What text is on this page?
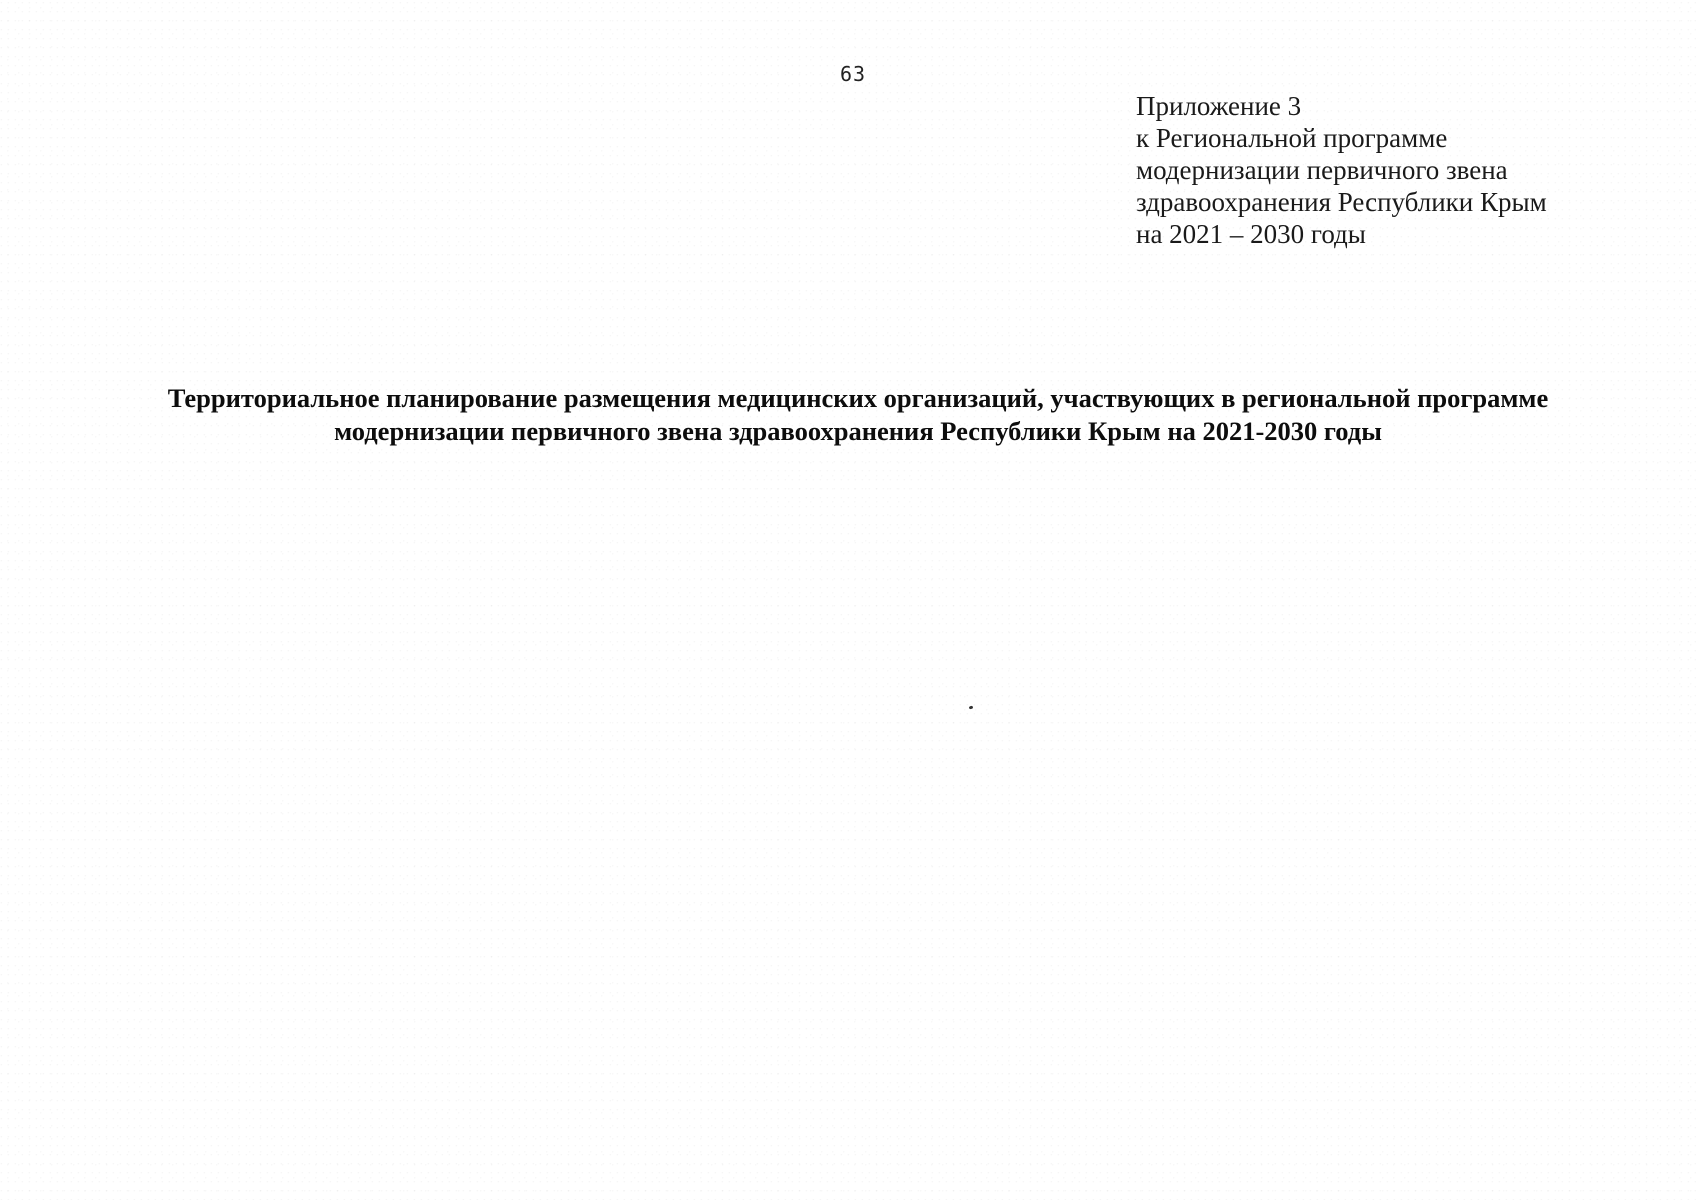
63
Приложение 3
к Региональной программе
модернизации первичного звена
здравоохранения Республики Крым
на 2021 – 2030 годы
Территориальное планирование размещения медицинских организаций, участвующих в региональной программе
модернизации первичного звена здравоохранения Республики Крым на 2021-2030 годы
